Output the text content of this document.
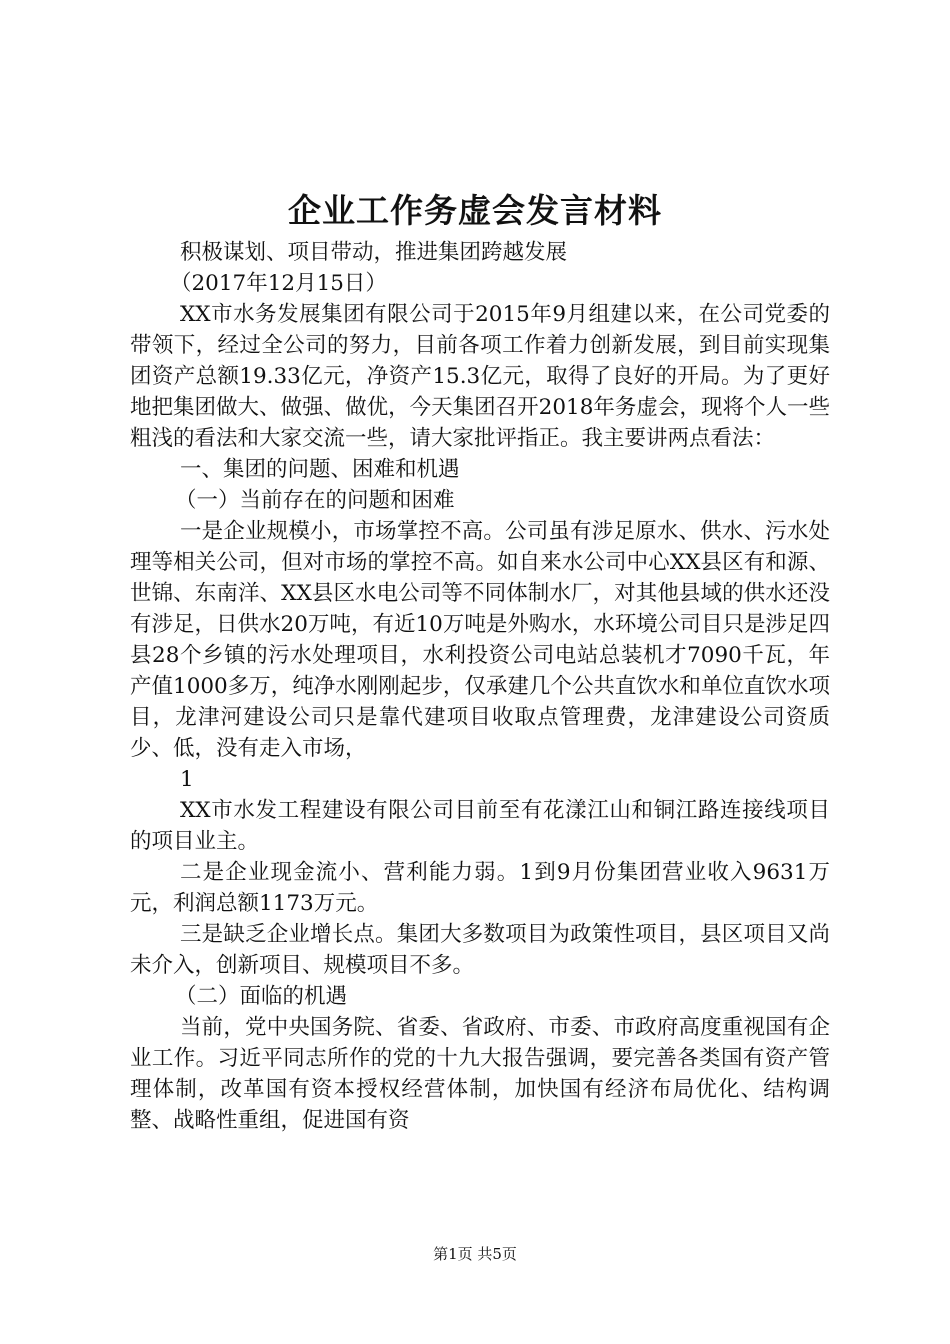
企业工作务虚会发言材料

积极谋划、项目带动，推进集团跨越发展

（2017年12月15日）

XX市水务发展集团有限公司于2015年9月组建以来，在公司党委的带领下，经过全公司的努力，目前各项工作着力创新发展，到目前实现集团资产总额19.33亿元，净资产15.3亿元，取得了良好的开局。为了更好地把集团做大、做强、做优，今天集团召开2018年务虚会，现将个人一些粗浅的看法和大家交流一些，请大家批评指正。我主要讲两点看法：

一、集团的问题、困难和机遇

（一）当前存在的问题和困难

一是企业规模小，市场掌控不高。公司虽有涉足原水、供水、污水处理等相关公司，但对市场的掌控不高。如自来水公司中心XX县区有和源、世锦、东南洋、XX县区水电公司等不同体制水厂，对其他县域的供水还没有涉足，日供水20万吨，有近10万吨是外购水，水环境公司目只是涉足四县28个乡镇的污水处理项目，水利投资公司电站总装机才7090千瓦，年产值1000多万，纯净水刚刚起步，仅承建几个公共直饮水和单位直饮水项目，龙津河建设公司只是靠代建项目收取点管理费，龙津建设公司资质少、低，没有走入市场，

1

XX市水发工程建设有限公司目前至有花漾江山和铜江路连接线项目的项目业主。

二是企业现金流小、营利能力弱。1到9月份集团营业收入9631万元，利润总额1173万元。

三是缺乏企业增长点。集团大多数项目为政策性项目，县区项目又尚未介入，创新项目、规模项目不多。

（二）面临的机遇

当前，党中央国务院、省委、省政府、市委、市政府高度重视国有企业工作。习近平同志所作的党的十九大报告强调，要完善各类国有资产管理体制，改革国有资本授权经营体制，加快国有经济布局优化、结构调整、战略性重组，促进国有资

第1页 共5页
